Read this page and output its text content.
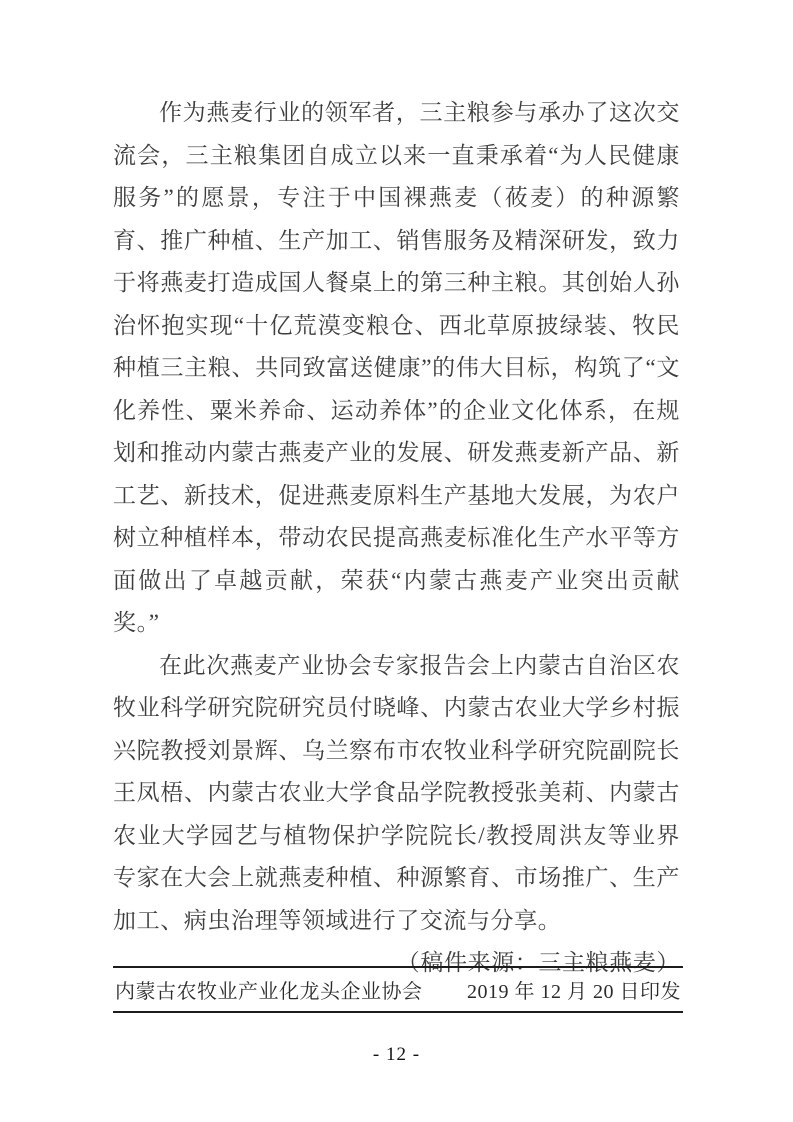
作为燕麦行业的领军者，三主粮参与承办了这次交流会，三主粮集团自成立以来一直秉承着“为人民健康服务”的愿景，专注于中国裸燕麦（莜麦）的种源繁育、推广种植、生产加工、销售服务及精深研发，致力于将燕麦打造成国人餐桌上的第三种主粮。其创始人孙治怀抱实现“十亿荒漠变粮仓、西北草原披绿装、牧民种植三主粮、共同致富送健康”的伟大目标，构筑了“文化养性、粟米养命、运动养体”的企业文化体系，在规划和推动内蒙古燕麦产业的发展、研发燕麦新产品、新工艺、新技术，促进燕麦原料生产基地大发展，为农户树立种植样本，带动农民提高燕麦标准化生产水平等方面做出了卓越贡献，荣获“内蒙古燕麦产业突出贡献奖。”

在此次燕麦产业协会专家报告会上内蒙古自治区农牧业科学研究院研究员付晓峰、内蒙古农业大学乡村振兴院教授刘景辉、乌兰察布市农牧业科学研究院副院长王凤梧、内蒙古农业大学食品学院教授张美莉、内蒙古农业大学园艺与植物保护学院院长/教授周洪友等业界专家在大会上就燕麦种植、种源繁育、市场推广、生产加工、病虫治理等领域进行了交流与分享。

（稿件来源：三主粮燕麦）

内蒙古农牧业产业化龙头企业协会 2019 年 12 月 20 日印发
- 12 -
